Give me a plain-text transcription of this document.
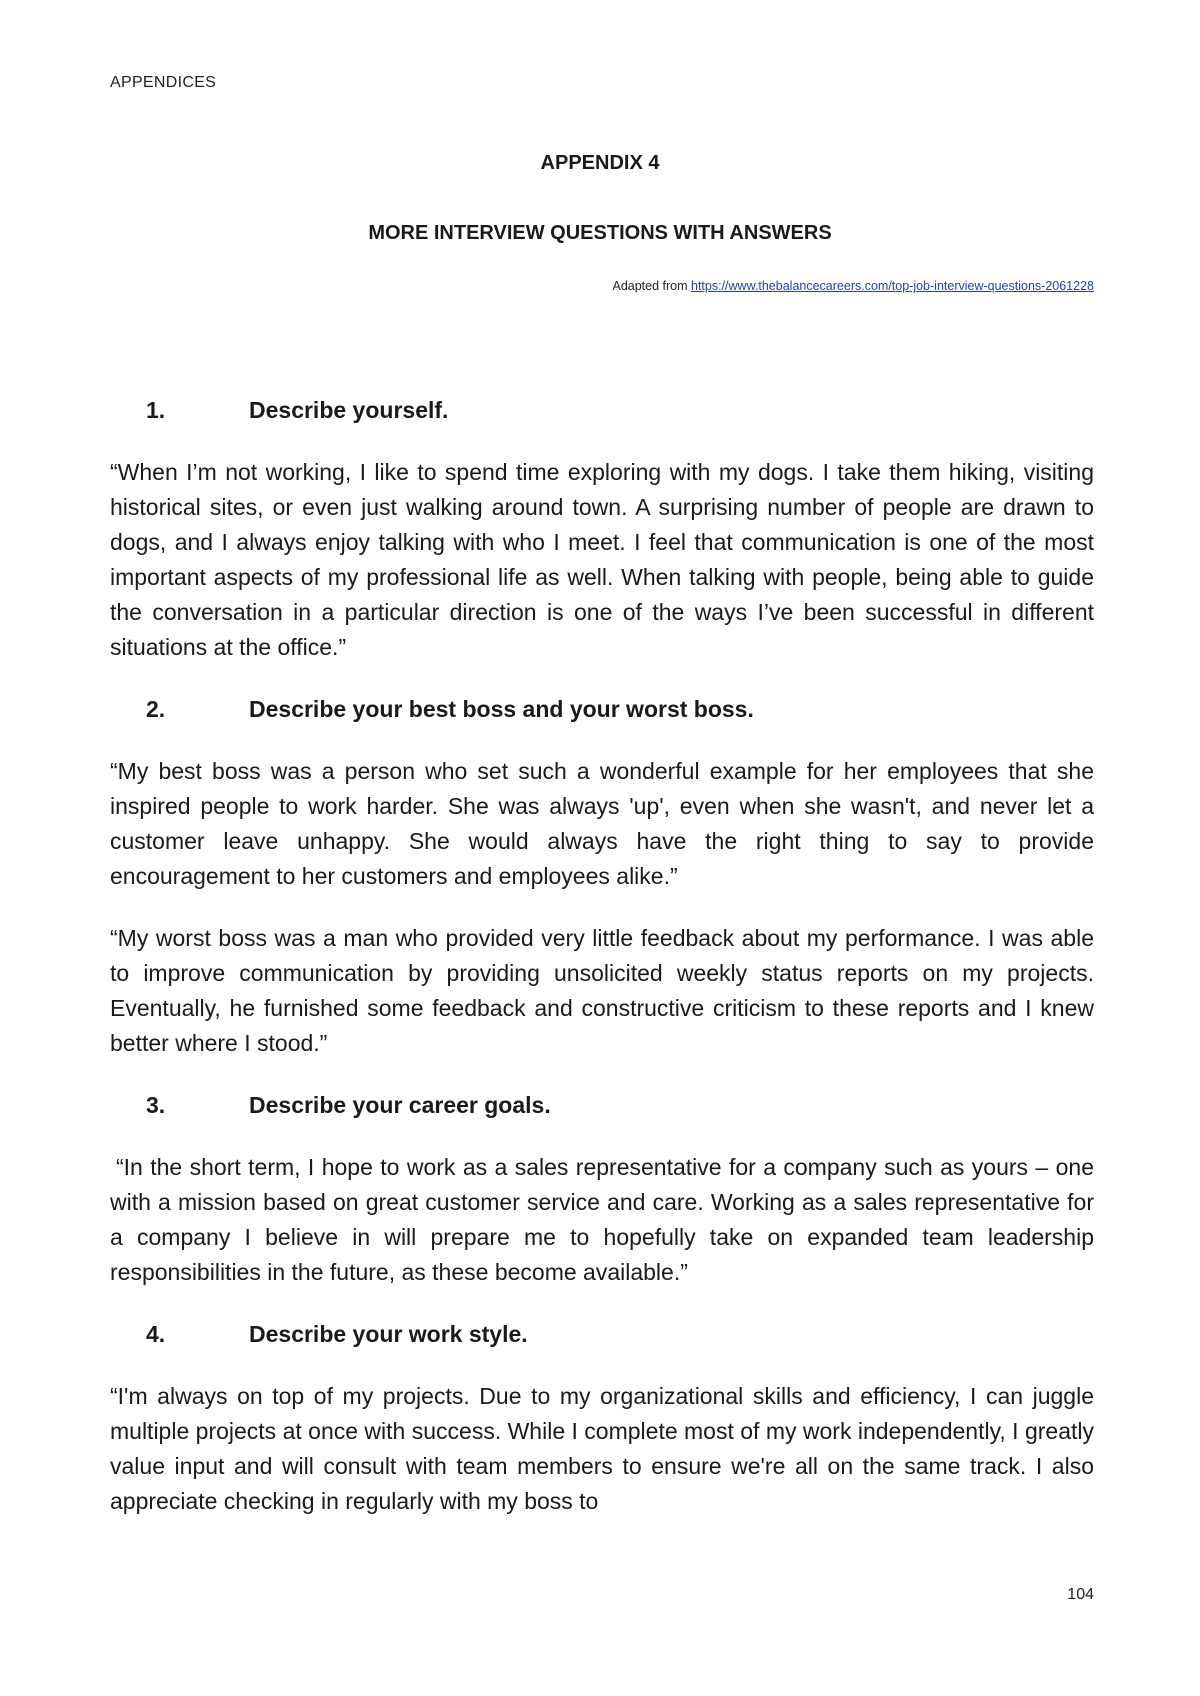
APPENDICES
APPENDIX 4
MORE INTERVIEW QUESTIONS WITH ANSWERS
Adapted from https://www.thebalancecareers.com/top-job-interview-questions-2061228
1.	Describe yourself.

“When I’m not working, I like to spend time exploring with my dogs. I take them hiking, visiting historical sites, or even just walking around town. A surprising number of people are drawn to dogs, and I always enjoy talking with who I meet. I feel that communication is one of the most important aspects of my professional life as well. When talking with people, being able to guide the conversation in a particular direction is one of the ways I’ve been successful in different situations at the office.”

2.	Describe your best boss and your worst boss.

“My best boss was a person who set such a wonderful example for her employees that she inspired people to work harder. She was always 'up', even when she wasn't, and never let a customer leave unhappy. She would always have the right thing to say to provide encouragement to her customers and employees alike.”

“My worst boss was a man who provided very little feedback about my performance. I was able to improve communication by providing unsolicited weekly status reports on my projects. Eventually, he furnished some feedback and constructive criticism to these reports and I knew better where I stood.”

3.	Describe your career goals.

“In the short term, I hope to work as a sales representative for a company such as yours – one with a mission based on great customer service and care. Working as a sales representative for a company I believe in will prepare me to hopefully take on expanded team leadership responsibilities in the future, as these become available.”

4.	Describe your work style.

“I'm always on top of my projects. Due to my organizational skills and efficiency, I can juggle multiple projects at once with success. While I complete most of my work independently, I greatly value input and will consult with team members to ensure we're all on the same track. I also appreciate checking in regularly with my boss to

104
